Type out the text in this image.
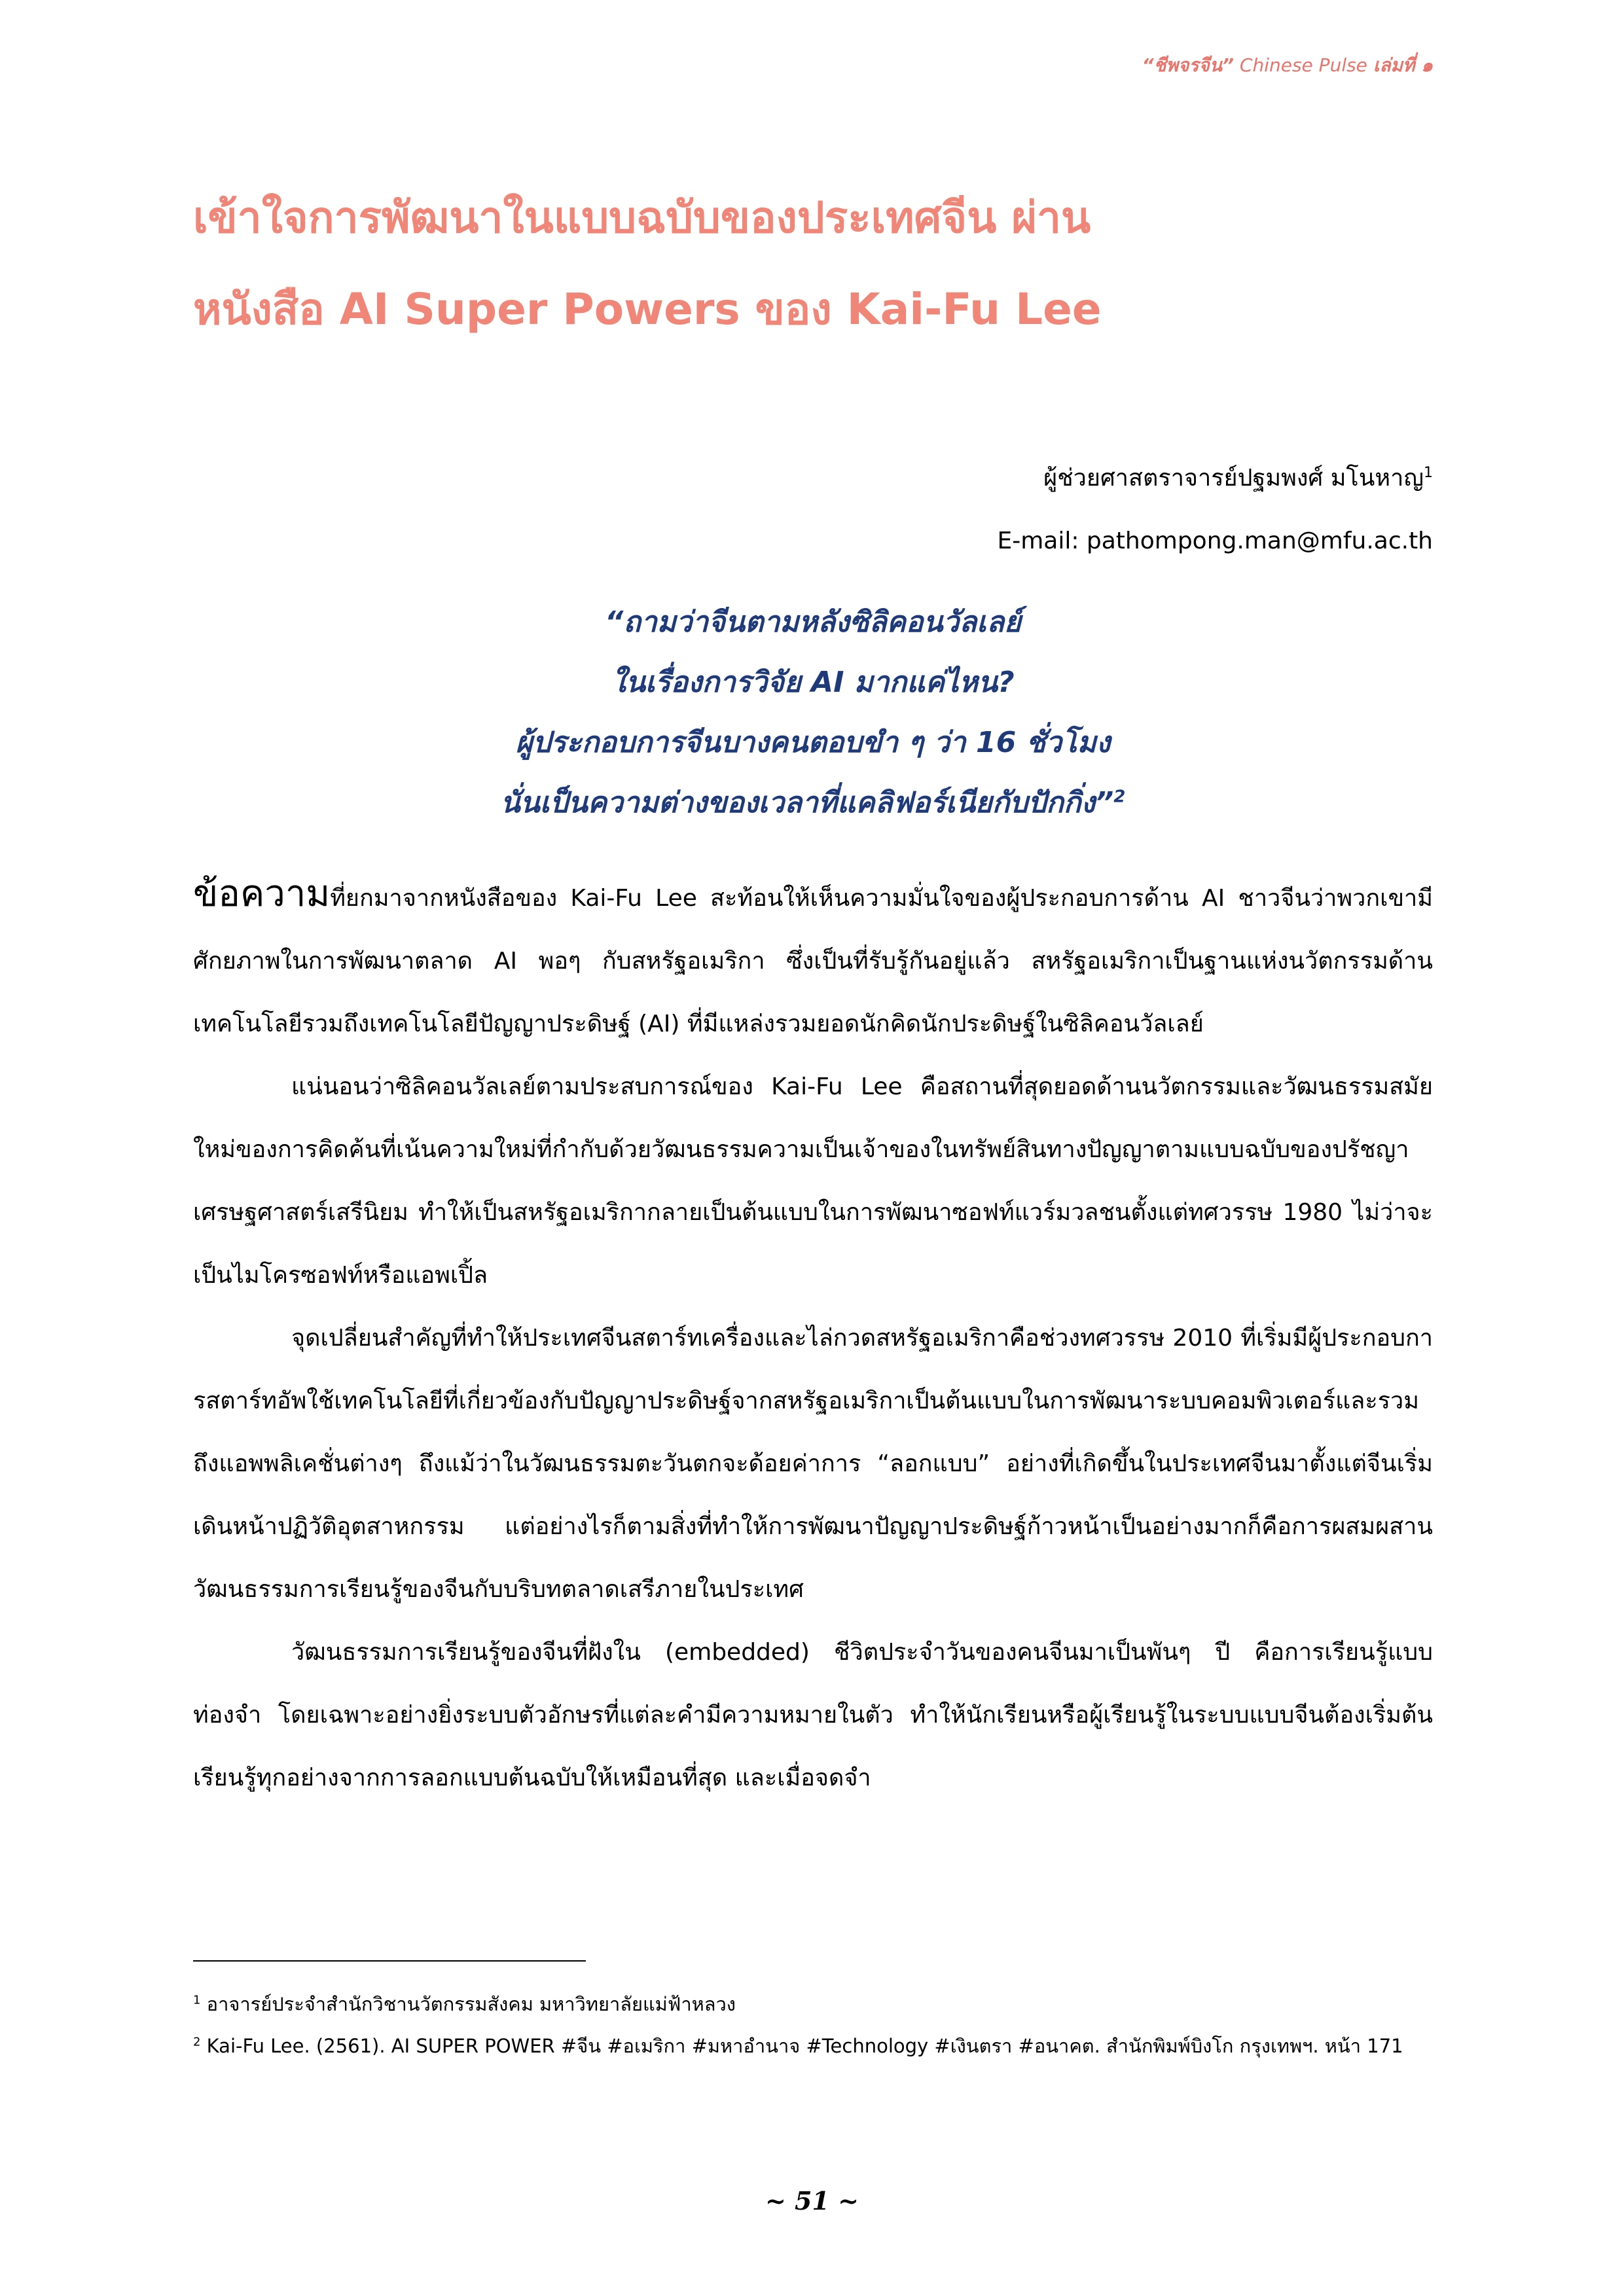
“ชีพจรจีน” Chinese Pulse เล่มที่ ๑
เข้าใจการพัฒนาในแบบฉบับของประเทศจีน ผ่าน
หนังสือ AI Super Powers ของ Kai-Fu Lee
ผู้ช่วยศาสตราจารย์ปฐมพงศ์ มโนหาญ$^1$
E-mail: pathompong.man@mfu.ac.th
“ถามว่าจีนตามหลังซิลิคอนวัลเลย์
ในเรื่องการวิจัย AI มากแค่ไหน?
ผู้ประกอบการจีนบางคนตอบขำ ๆ ว่า 16 ชั่วโมง
นั่นเป็นความต่างของเวลาที่แคลิฟอร์เนียกับปักกิ่ง”$^2$

ข้อความที่ยกมาจากหนังสือของ Kai-Fu Lee สะท้อนให้เห็นความมั่นใจของผู้ประกอบการด้าน AI ชาวจีนว่าพวกเขามีศักยภาพในการพัฒนาตลาด AI พอๆ กับสหรัฐอเมริกา ซึ่งเป็นที่รับรู้กันอยู่แล้ว สหรัฐอเมริกาเป็นฐานแห่งนวัตกรรมด้านเทคโนโลยีรวมถึงเทคโนโลยีปัญญาประดิษฐ์ (AI) ที่มีแหล่งรวมยอดนักคิดนักประดิษฐ์ในซิลิคอนวัลเลย์

แน่นอนว่าซิลิคอนวัลเลย์ตามประสบการณ์ของ Kai-Fu Lee คือสถานที่สุดยอดด้านนวัตกรรมและวัฒนธรรมสมัยใหม่ของการคิดค้นที่เน้นความใหม่ที่กำกับด้วยวัฒนธรรมความเป็นเจ้าของในทรัพย์สินทางปัญญาตามแบบฉบับของปรัชญาเศรษฐศาสตร์เสรีนิยม ทำให้เป็นสหรัฐอเมริกากลายเป็นต้นแบบในการพัฒนาซอฟท์แวร์มวลชนตั้งแต่ทศวรรษ 1980 ไม่ว่าจะเป็นไมโครซอฟท์หรือแอพเปิ้ล

จุดเปลี่ยนสำคัญที่ทำให้ประเทศจีนสตาร์ทเครื่องและไล่กวดสหรัฐอเมริกาคือช่วงทศวรรษ 2010 ที่เริ่มมีผู้ประกอบการสตาร์ทอัพใช้เทคโนโลยีที่เกี่ยวข้องกับปัญญาประดิษฐ์จากสหรัฐอเมริกาเป็นต้นแบบในการพัฒนาระบบคอมพิวเตอร์และรวมถึงแอพพลิเคชั่นต่างๆ ถึงแม้ว่าในวัฒนธรรมตะวันตกจะด้อยค่าการ “ลอกแบบ” อย่างที่เกิดขึ้นในประเทศจีนมาตั้งแต่จีนเริ่มเดินหน้าปฏิวัติอุตสาหกรรม แต่อย่างไรก็ตามสิ่งที่ทำให้การพัฒนาปัญญาประดิษฐ์ก้าวหน้าเป็นอย่างมากก็คือการผสมผสานวัฒนธรรมการเรียนรู้ของจีนกับบริบทตลาดเสรีภายในประเทศ

วัฒนธรรมการเรียนรู้ของจีนที่ฝังใน (embedded) ชีวิตประจำวันของคนจีนมาเป็นพันๆ ปี คือการเรียนรู้แบบท่องจำ โดยเฉพาะอย่างยิ่งระบบตัวอักษรที่แต่ละคำมีความหมายในตัว ทำให้นักเรียนหรือผู้เรียนรู้ในระบบแบบจีนต้องเริ่มต้นเรียนรู้ทุกอย่างจากการลอกแบบต้นฉบับให้เหมือนที่สุด และเมื่อจดจำ

$^1$ อาจารย์ประจำสำนักวิชานวัตกรรมสังคม มหาวิทยาลัยแม่ฟ้าหลวง

$^2$ Kai-Fu Lee. (2561). AI SUPER POWER #จีน #อเมริกา #มหาอำนาจ #Technology #เงินตรา #อนาคต. สำนักพิมพ์บิงโก กรุงเทพฯ. หน้า 171

~ 51 ~
